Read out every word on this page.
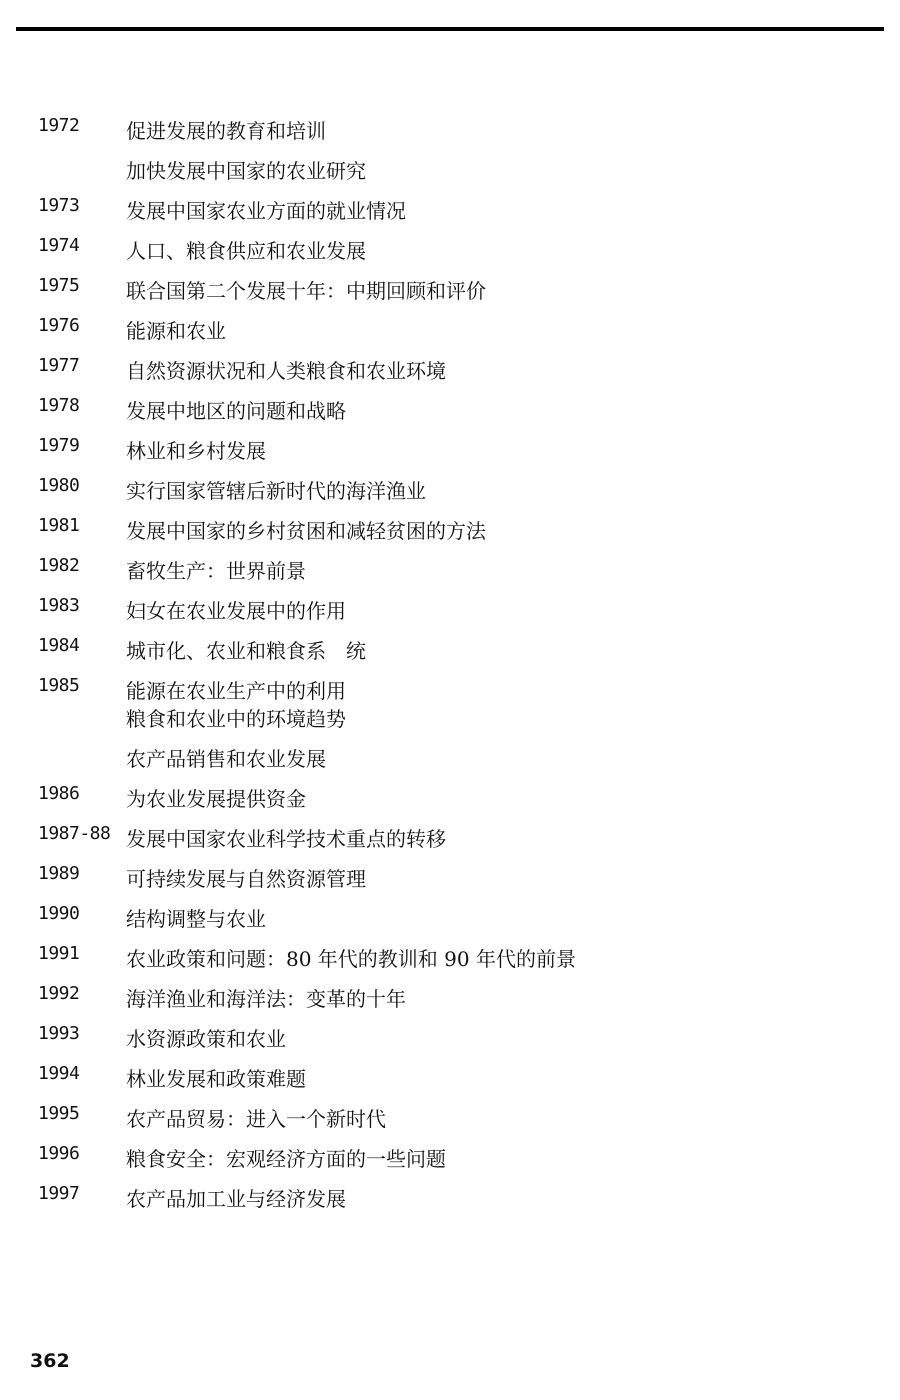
1972 促进发展的教育和培训
加快发展中国家的农业研究
1973 发展中国家农业方面的就业情况
1974 人口、粮食供应和农业发展
1975 联合国第二个发展十年：中期回顾和评价
1976 能源和农业
1977 自然资源状况和人类粮食和农业环境
1978 发展中地区的问题和战略
1979 林业和乡村发展
1980 实行国家管辖后新时代的海洋渔业
1981 发展中国家的乡村贫困和减轻贫困的方法
1982 畜牧生产：世界前景
1983 妇女在农业发展中的作用
1984 城市化、农业和粮食系　统
1985 能源在农业生产中的利用
粮食和农业中的环境趋势
农产品销售和农业发展
1986 为农业发展提供资金
1987-88 发展中国家农业科学技术重点的转移
1989 可持续发展与自然资源管理
1990 结构调整与农业
1991 农业政策和问题：80 年代的教训和 90 年代的前景
1992 海洋渔业和海洋法：变革的十年
1993 水资源政策和农业
1994 林业发展和政策难题
1995 农产品贸易：进入一个新时代
1996 粮食安全：宏观经济方面的一些问题
1997 农产品加工业与经济发展
362
